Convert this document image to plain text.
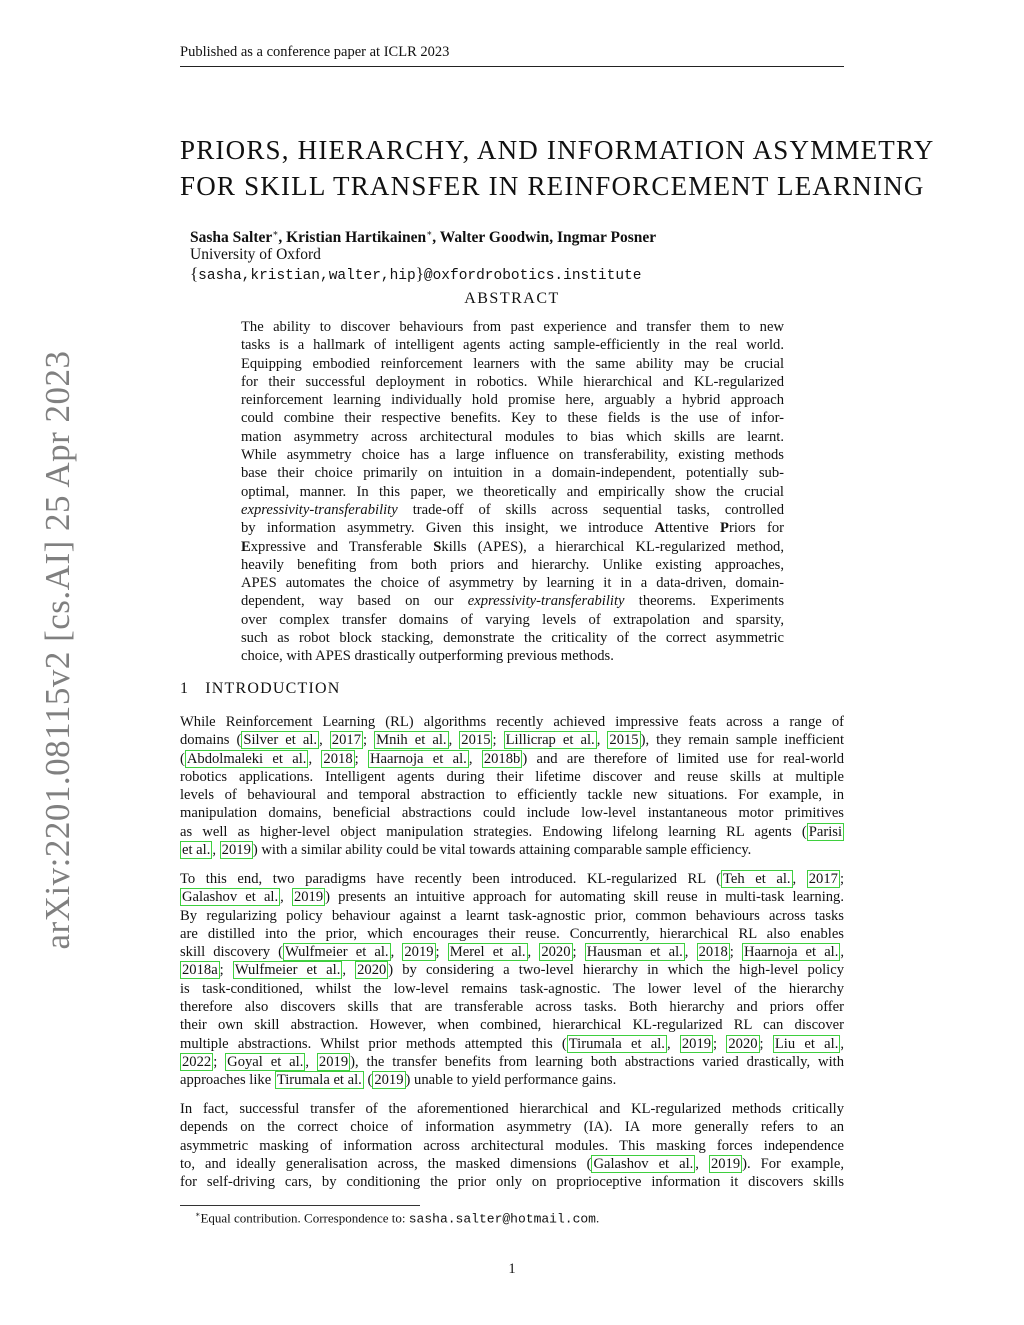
Published as a conference paper at ICLR 2023
arXiv:2201.08115v2 [cs.AI] 25 Apr 2023
PRIORS, HIERARCHY, AND INFORMATION ASYMMETRY
FOR SKILL TRANSFER IN REINFORCEMENT LEARNING
Sasha Salter∗, Kristian Hartikainen∗, Walter Goodwin, Ingmar Posner
University of Oxford
{sasha,kristian,walter,hip}@oxfordrobotics.institute
ABSTRACT
The ability to discover behaviours from past experience and transfer them to new
tasks is a hallmark of intelligent agents acting sample-efficiently in the real world.
Equipping embodied reinforcement learners with the same ability may be crucial
for their successful deployment in robotics. While hierarchical and KL-regularized
reinforcement learning individually hold promise here, arguably a hybrid approach
could combine their respective benefits. Key to these fields is the use of infor-
mation asymmetry across architectural modules to bias which skills are learnt.
While asymmetry choice has a large influence on transferability, existing methods
base their choice primarily on intuition in a domain-independent, potentially sub-
optimal, manner. In this paper, we theoretically and empirically show the crucial
expressivity-transferability trade-off of skills across sequential tasks, controlled
by information asymmetry. Given this insight, we introduce Attentive Priors for
Expressive and Transferable Skills (APES), a hierarchical KL-regularized method,
heavily benefiting from both priors and hierarchy. Unlike existing approaches,
APES automates the choice of asymmetry by learning it in a data-driven, domain-
dependent, way based on our expressivity-transferability theorems. Experiments
over complex transfer domains of varying levels of extrapolation and sparsity,
such as robot block stacking, demonstrate the criticality of the correct asymmetric
choice, with APES drastically outperforming previous methods.
1 INTRODUCTION
While Reinforcement Learning (RL) algorithms recently achieved impressive feats across a range of
domains ( Silver et al. , 2017 ; Mnih et al. , 2015 ; Lillicrap et al. , 2015 ), they remain sample inefficient
( Abdolmaleki et al. , 2018 ; Haarnoja et al. , 2018b ) and are therefore of limited use for real-world
robotics applications. Intelligent agents during their lifetime discover and reuse skills at multiple
levels of behavioural and temporal abstraction to efficiently tackle new situations. For example, in
manipulation domains, beneficial abstractions could include low-level instantaneous motor primitives
as well as higher-level object manipulation strategies. Endowing lifelong learning RL agents ( Parisi
et al. , 2019 ) with a similar ability could be vital towards attaining comparable sample efficiency.
To this end, two paradigms have recently been introduced. KL-regularized RL ( Teh et al. , 2017 ;
Galashov et al. , 2019 ) presents an intuitive approach for automating skill reuse in multi-task learning.
By regularizing policy behaviour against a learnt task-agnostic prior, common behaviours across tasks
are distilled into the prior, which encourages their reuse. Concurrently, hierarchical RL also enables
skill discovery ( Wulfmeier et al. , 2019 ; Merel et al. , 2020 ; Hausman et al. , 2018 ; Haarnoja et al. ,
2018a ; Wulfmeier et al. , 2020 ) by considering a two-level hierarchy in which the high-level policy
is task-conditioned, whilst the low-level remains task-agnostic. The lower level of the hierarchy
therefore also discovers skills that are transferable across tasks. Both hierarchy and priors offer
their own skill abstraction. However, when combined, hierarchical KL-regularized RL can discover
multiple abstractions. Whilst prior methods attempted this ( Tirumala et al. , 2019 ; 2020 ; Liu et al. ,
2022 ; Goyal et al. , 2019 ), the transfer benefits from learning both abstractions varied drastically, with
approaches like Tirumala et al. ( 2019 ) unable to yield performance gains.
In fact, successful transfer of the aforementioned hierarchical and KL-regularized methods critically
depends on the correct choice of information asymmetry (IA). IA more generally refers to an
asymmetric masking of information across architectural modules. This masking forces independence
to, and ideally generalisation across, the masked dimensions ( Galashov et al. , 2019 ). For example,
for self-driving cars, by conditioning the prior only on proprioceptive information it discovers skills
∗Equal contribution. Correspondence to: sasha.salter@hotmail.com.
1
